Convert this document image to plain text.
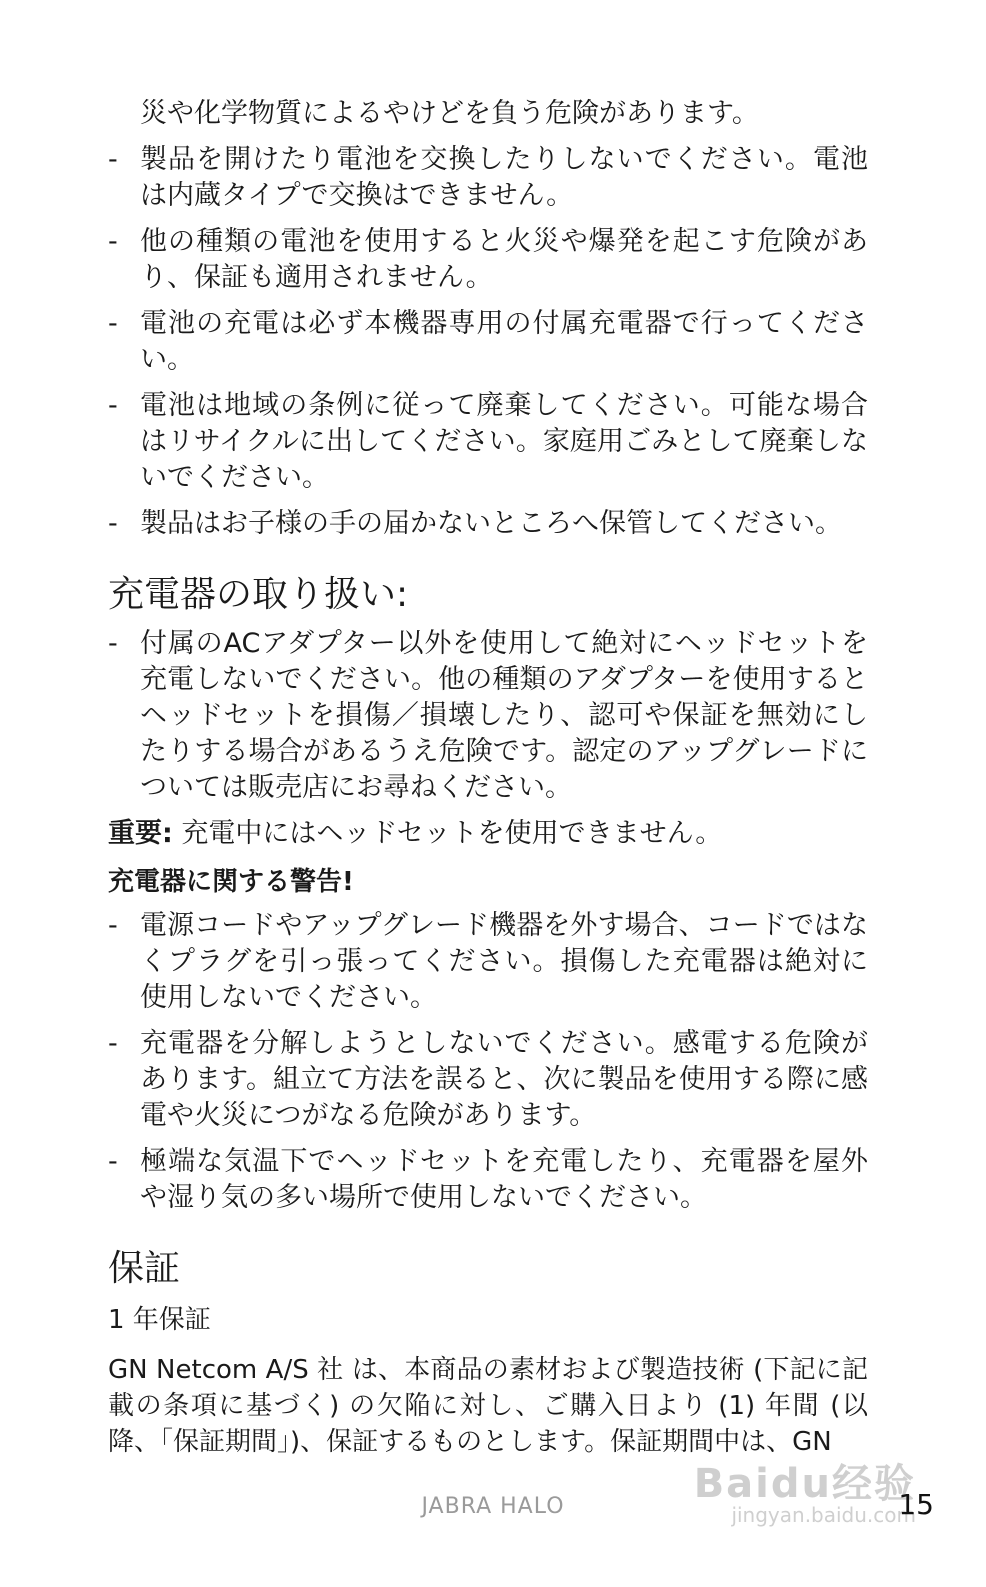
災や化学物質によるやけどを負う危険があります。

- 製品を開けたり電池を交換したりしないでください。電池は内蔵タイプで交換はできません。
- 他の種類の電池を使用すると火災や爆発を起こす危険があり、保証も適用されません。
- 電池の充電は必ず本機器専用の付属充電器で行ってください。
- 電池は地域の条例に従って廃棄してください。可能な場合はリサイクルに出してください。家庭用ごみとして廃棄しないでください。
- 製品はお子様の手の届かないところへ保管してください。
充電器の取り扱い:
- 付属のACアダプター以外を使用して絶対にヘッドセットを充電しないでください。他の種類のアダプターを使用するとヘッドセットを損傷／損壊したり、認可や保証を無効にしたりする場合があるうえ危険です。認定のアップグレードについては販売店にお尋ねください。

重要: 充電中にはヘッドセットを使用できません。

充電器に関する警告!

- 電源コードやアップグレード機器を外す場合、コードではなくプラグを引っ張ってください。損傷した充電器は絶対に使用しないでください。
- 充電器を分解しようとしないでください。感電する危険があります。組立て方法を誤ると、次に製品を使用する際に感電や火災につがなる危険があります。
- 極端な気温下でヘッドセットを充電したり、充電器を屋外や湿り気の多い場所で使用しないでください。
保証

1 年保証

GN Netcom A/S 社 は、本商品の素材および製造技術 (下記に記載の条項に基づく) の欠陥に対し、ご購入日より (1) 年間 (以降、「保証期間」)、保証するものとします。保証期間中は、GN

Baidu经验
jingyan.baidu.com
JABRA HALO	15
